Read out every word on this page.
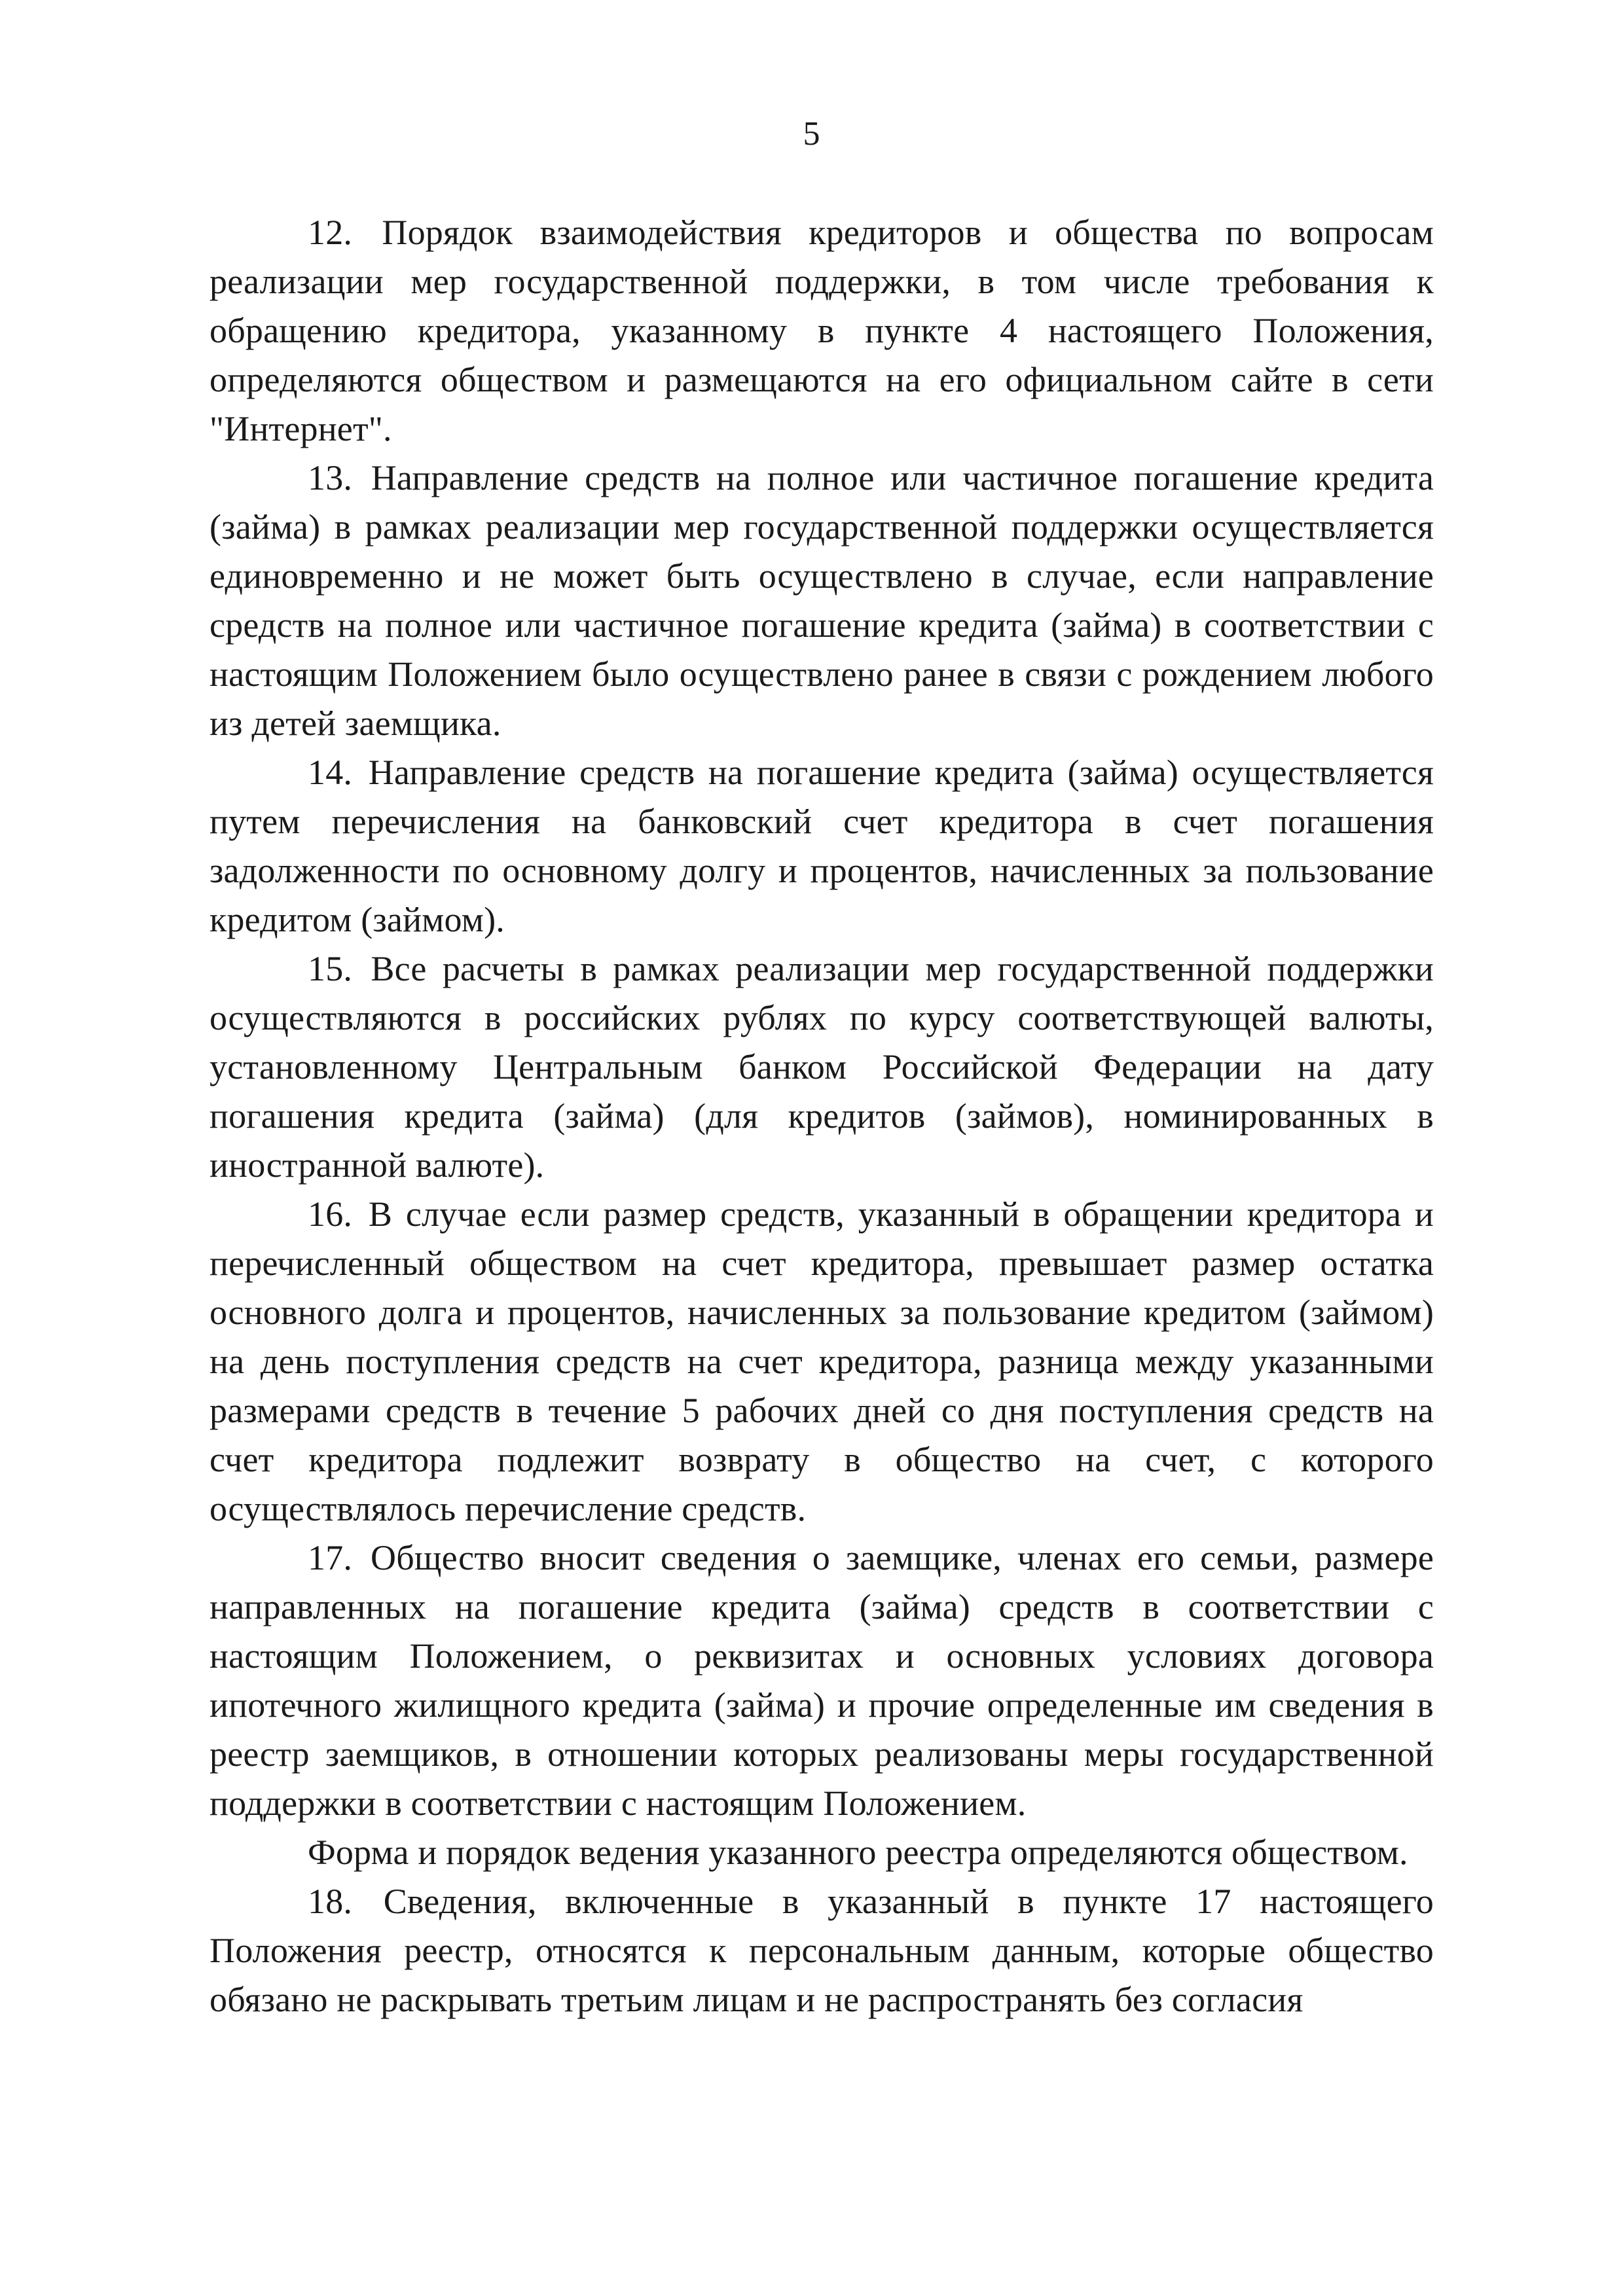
5

12. Порядок взаимодействия кредиторов и общества по вопросам реализации мер государственной поддержки, в том числе требования к обращению кредитора, указанному в пункте 4 настоящего Положения, определяются обществом и размещаются на его официальном сайте в сети "Интернет".

13. Направление средств на полное или частичное погашение кредита (займа) в рамках реализации мер государственной поддержки осуществляется единовременно и не может быть осуществлено в случае, если направление средств на полное или частичное погашение кредита (займа) в соответствии с настоящим Положением было осуществлено ранее в связи с рождением любого из детей заемщика.

14. Направление средств на погашение кредита (займа) осуществляется путем перечисления на банковский счет кредитора в счет погашения задолженности по основному долгу и процентов, начисленных за пользование кредитом (займом).

15. Все расчеты в рамках реализации мер государственной поддержки осуществляются в российских рублях по курсу соответствующей валюты, установленному Центральным банком Российской Федерации на дату погашения кредита (займа) (для кредитов (займов), номинированных в иностранной валюте).

16. В случае если размер средств, указанный в обращении кредитора и перечисленный обществом на счет кредитора, превышает размер остатка основного долга и процентов, начисленных за пользование кредитом (займом) на день поступления средств на счет кредитора, разница между указанными размерами средств в течение 5 рабочих дней со дня поступления средств на счет кредитора подлежит возврату в общество на счет, с которого осуществлялось перечисление средств.

17. Общество вносит сведения о заемщике, членах его семьи, размере направленных на погашение кредита (займа) средств в соответствии с настоящим Положением, о реквизитах и основных условиях договора ипотечного жилищного кредита (займа) и прочие определенные им сведения в реестр заемщиков, в отношении которых реализованы меры государственной поддержки в соответствии с настоящим Положением.

Форма и порядок ведения указанного реестра определяются обществом.

18. Сведения, включенные в указанный в пункте 17 настоящего Положения реестр, относятся к персональным данным, которые общество обязано не раскрывать третьим лицам и не распространять без согласия
